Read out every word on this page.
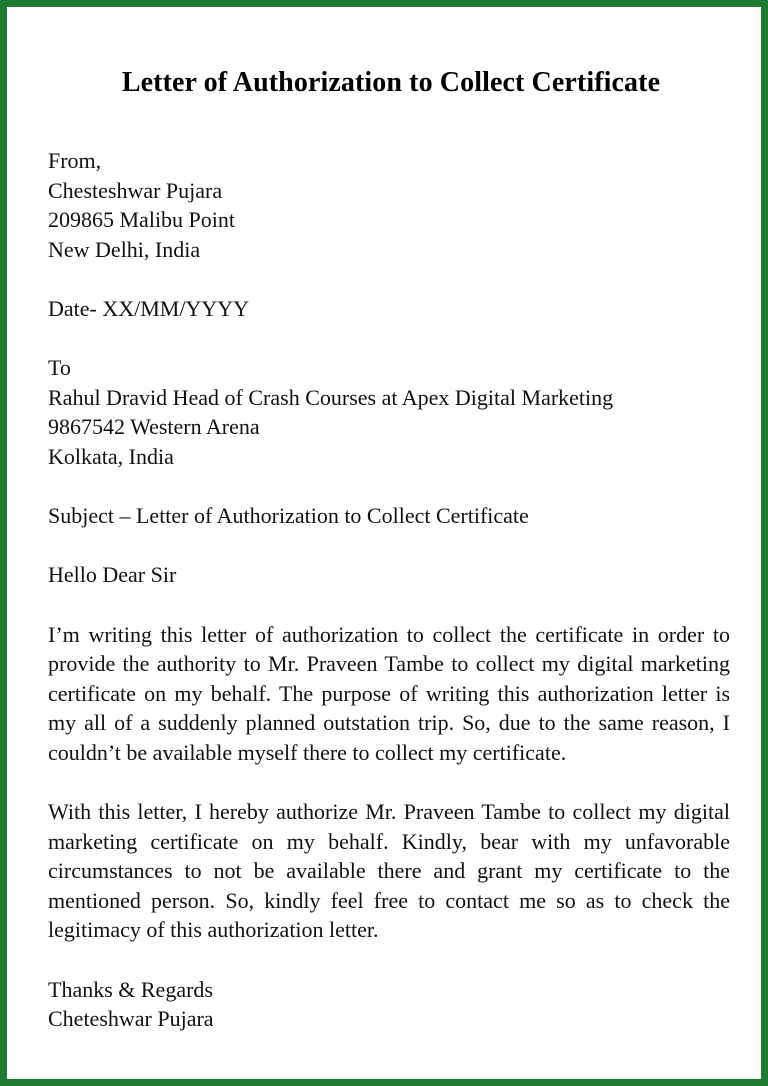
Letter of Authorization to Collect Certificate
From,
Chesteshwar Pujara
209865 Malibu Point
New Delhi, India
Date- XX/MM/YYYY
To
Rahul Dravid Head of Crash Courses at Apex Digital Marketing
9867542 Western Arena
Kolkata, India
Subject – Letter of Authorization to Collect Certificate
Hello Dear Sir
I’m writing this letter of authorization to collect the certificate in order to provide the authority to Mr. Praveen Tambe to collect my digital marketing certificate on my behalf. The purpose of writing this authorization letter is my all of a suddenly planned outstation trip. So, due to the same reason, I couldn’t be available myself there to collect my certificate.
With this letter, I hereby authorize Mr. Praveen Tambe to collect my digital marketing certificate on my behalf. Kindly, bear with my unfavorable circumstances to not be available there and grant my certificate to the mentioned person. So, kindly feel free to contact me so as to check the legitimacy of this authorization letter.
Thanks & Regards
Cheteshwar Pujara
